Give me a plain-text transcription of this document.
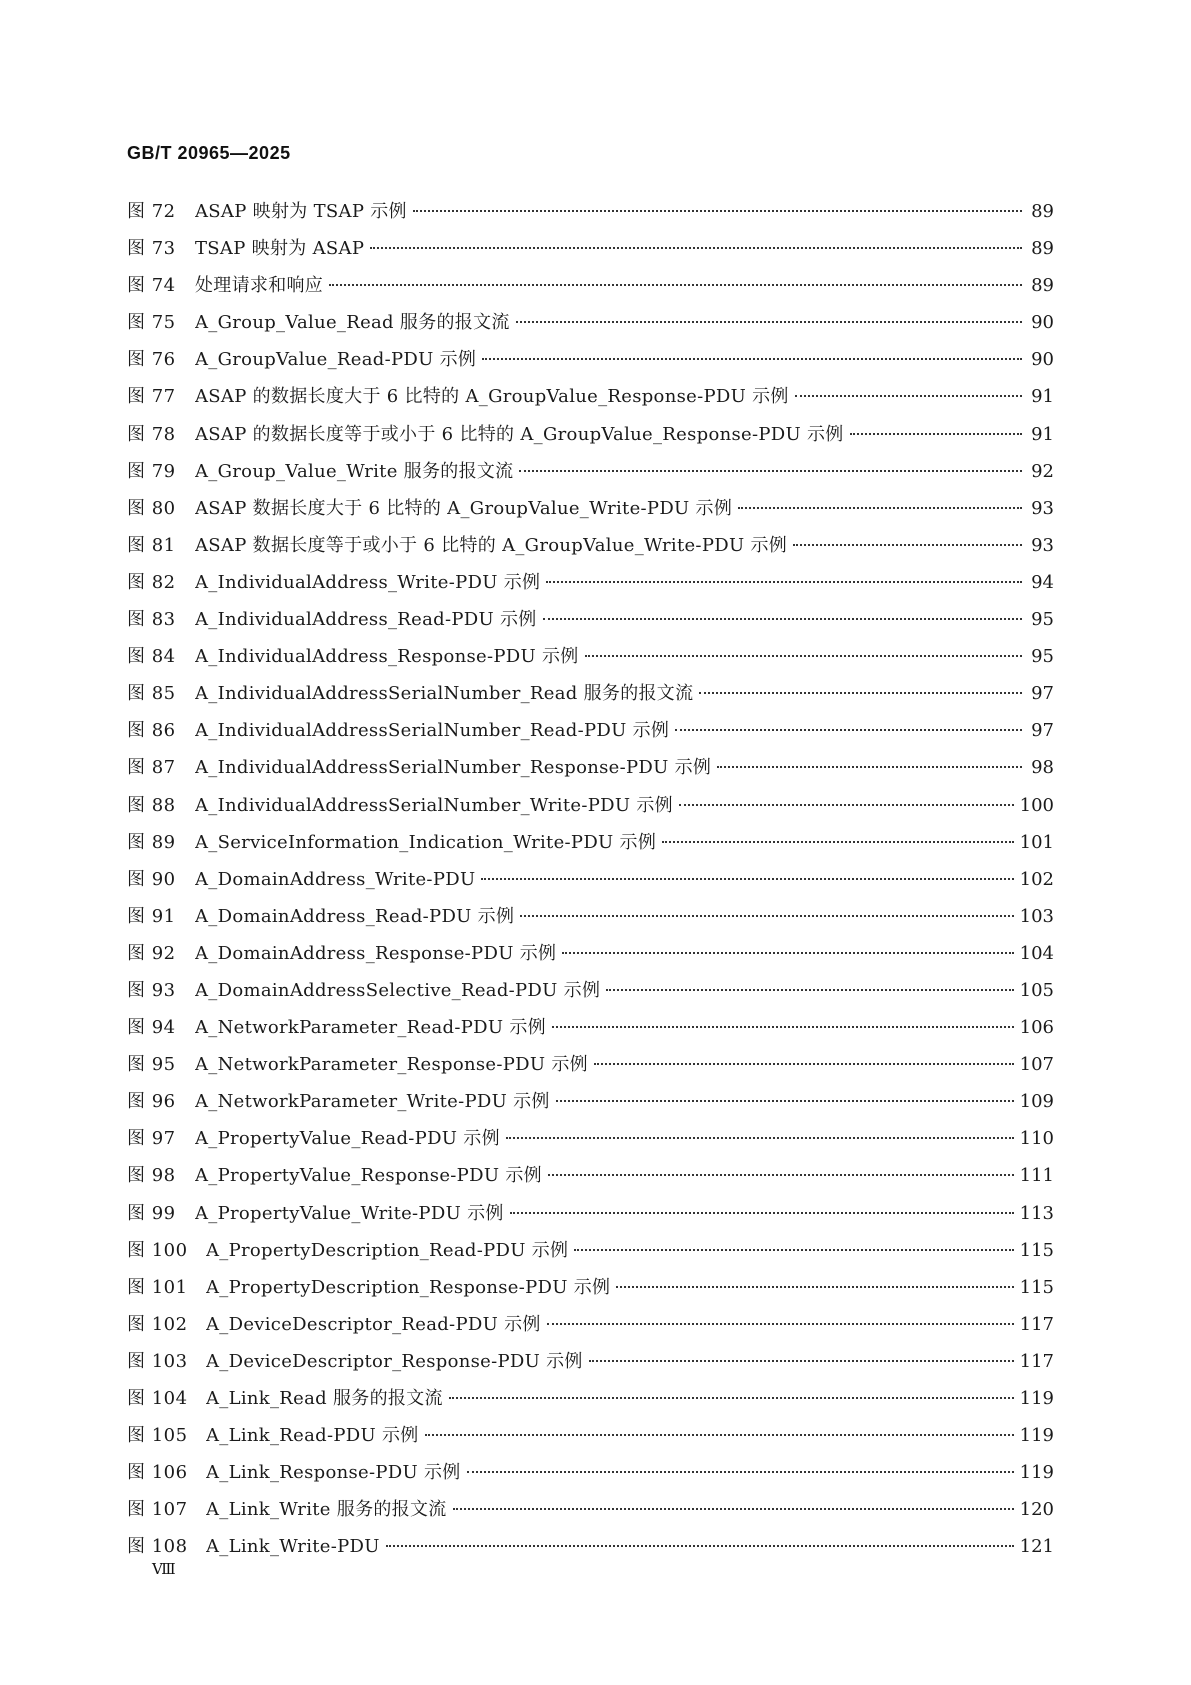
GB/T 20965—2025
图 72	ASAP 映射为 TSAP 示例	89
图 73	TSAP 映射为 ASAP	89
图 74	处理请求和响应	89
图 75	A_Group_Value_Read 服务的报文流	90
图 76	A_GroupValue_Read-PDU 示例	90
图 77	ASAP 的数据长度大于 6 比特的 A_GroupValue_Response-PDU 示例	91
图 78	ASAP 的数据长度等于或小于 6 比特的 A_GroupValue_Response-PDU 示例	91
图 79	A_Group_Value_Write 服务的报文流	92
图 80	ASAP 数据长度大于 6 比特的 A_GroupValue_Write-PDU 示例	93
图 81	ASAP 数据长度等于或小于 6 比特的 A_GroupValue_Write-PDU 示例	93
图 82	A_IndividualAddress_Write-PDU 示例	94
图 83	A_IndividualAddress_Read-PDU 示例	95
图 84	A_IndividualAddress_Response-PDU 示例	95
图 85	A_IndividualAddressSerialNumber_Read 服务的报文流	97
图 86	A_IndividualAddressSerialNumber_Read-PDU 示例	97
图 87	A_IndividualAddressSerialNumber_Response-PDU 示例	98
图 88	A_IndividualAddressSerialNumber_Write-PDU 示例	100
图 89	A_ServiceInformation_Indication_Write-PDU 示例	101
图 90	A_DomainAddress_Write-PDU	102
图 91	A_DomainAddress_Read-PDU 示例	103
图 92	A_DomainAddress_Response-PDU 示例	104
图 93	A_DomainAddressSelective_Read-PDU 示例	105
图 94	A_NetworkParameter_Read-PDU 示例	106
图 95	A_NetworkParameter_Response-PDU 示例	107
图 96	A_NetworkParameter_Write-PDU 示例	109
图 97	A_PropertyValue_Read-PDU 示例	110
图 98	A_PropertyValue_Response-PDU 示例	111
图 99	A_PropertyValue_Write-PDU 示例	113
图 100	A_PropertyDescription_Read-PDU 示例	115
图 101	A_PropertyDescription_Response-PDU 示例	115
图 102	A_DeviceDescriptor_Read-PDU 示例	117
图 103	A_DeviceDescriptor_Response-PDU 示例	117
图 104	A_Link_Read 服务的报文流	119
图 105	A_Link_Read-PDU 示例	119
图 106	A_Link_Response-PDU 示例	119
图 107	A_Link_Write 服务的报文流	120
图 108	A_Link_Write-PDU	121
Ⅷ
